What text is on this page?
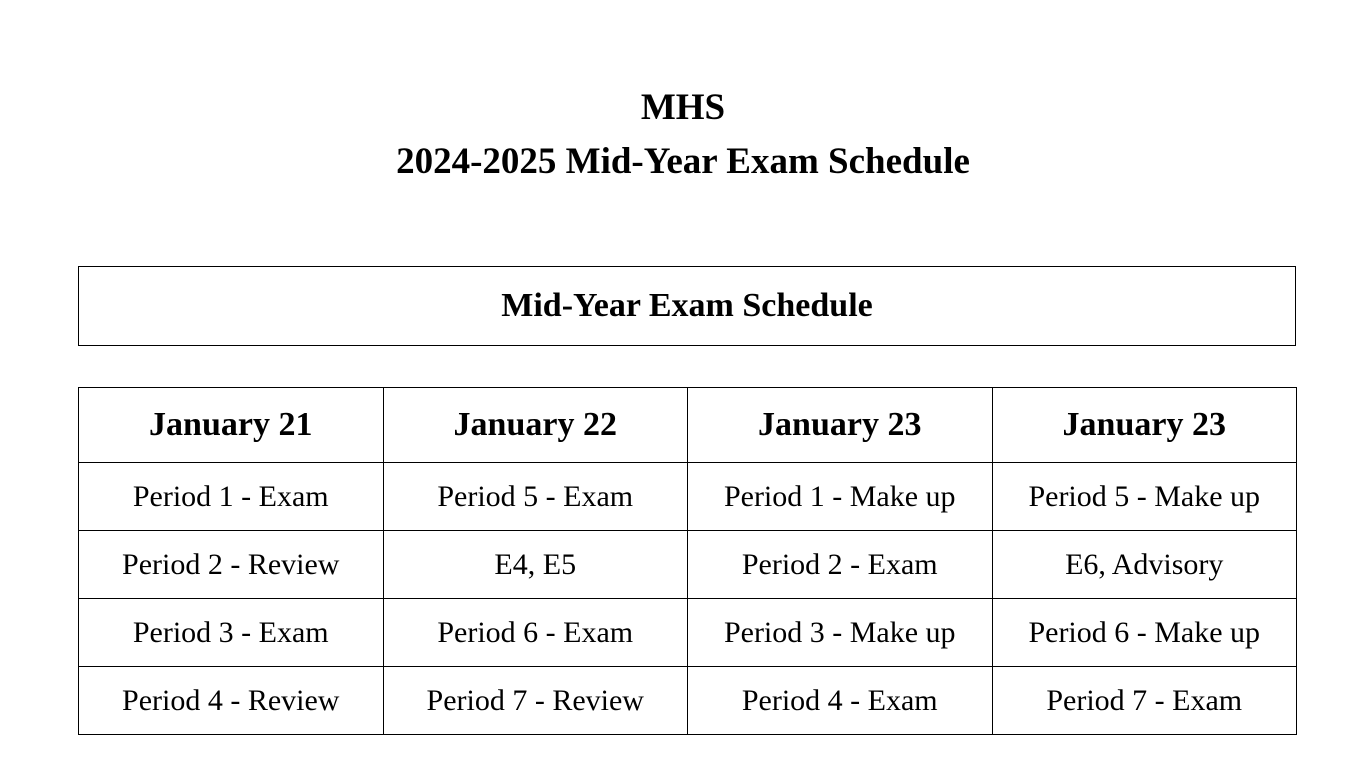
MHS
2024-2025 Mid-Year Exam Schedule
Mid-Year Exam Schedule
January 21	January 22	January 23	January 23
Period 1 - Exam	Period 5 - Exam	Period 1 - Make up	Period 5 - Make up
Period 2 - Review	E4, E5	Period 2 - Exam	E6, Advisory
Period 3 - Exam	Period 6 - Exam	Period 3 - Make up	Period 6 - Make up
Period 4 - Review	Period 7 - Review	Period 4 - Exam	Period 7 - Exam
